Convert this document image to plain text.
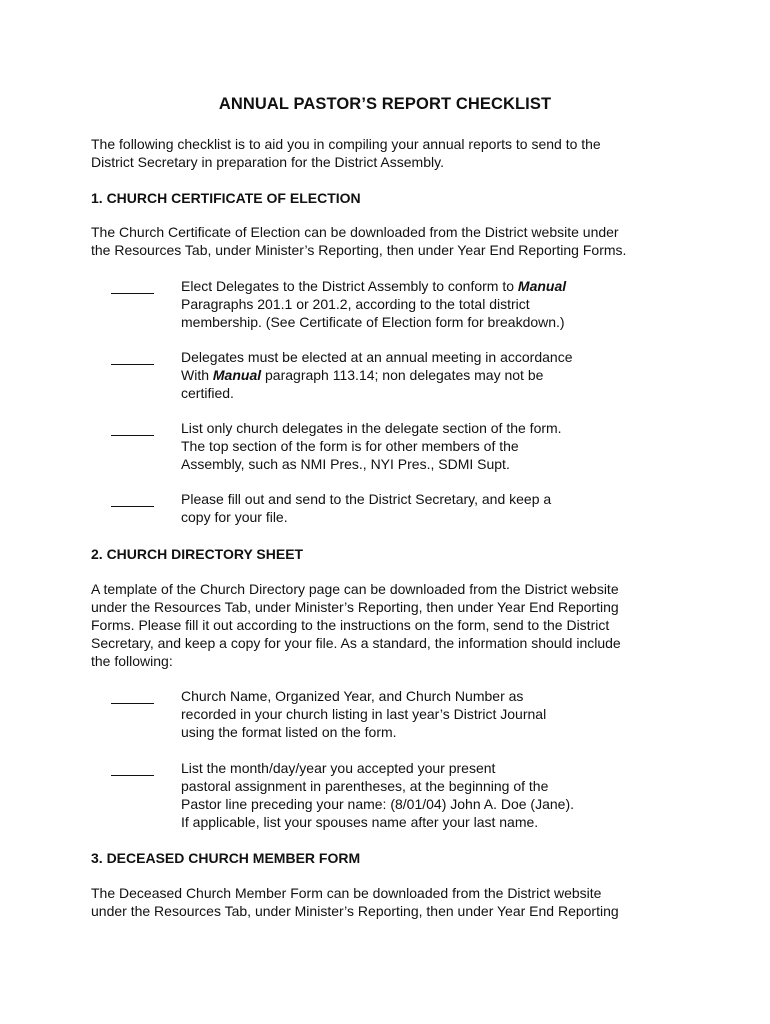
ANNUAL PASTOR’S REPORT CHECKLIST
The following checklist is to aid you in compiling your annual reports to send to the
District Secretary in preparation for the District Assembly.
1. CHURCH CERTIFICATE OF ELECTION
The Church Certificate of Election can be downloaded from the District website under
the Resources Tab, under Minister’s Reporting, then under Year End Reporting Forms.
Elect Delegates to the District Assembly to conform to Manual
Paragraphs 201.1 or 201.2, according to the total district
membership. (See Certificate of Election form for breakdown.)
Delegates must be elected at an annual meeting in accordance
With Manual paragraph 113.14; non delegates may not be
certified.
List only church delegates in the delegate section of the form.
The top section of the form is for other members of the
Assembly, such as NMI Pres., NYI Pres., SDMI Supt.
Please fill out and send to the District Secretary, and keep a
copy for your file.
2. CHURCH DIRECTORY SHEET
A template of the Church Directory page can be downloaded from the District website
under the Resources Tab, under Minister’s Reporting, then under Year End Reporting
Forms. Please fill it out according to the instructions on the form, send to the District
Secretary, and keep a copy for your file. As a standard, the information should include
the following:
Church Name, Organized Year, and Church Number as
recorded in your church listing in last year’s District Journal
using the format listed on the form.
List the month/day/year you accepted your present
pastoral assignment in parentheses, at the beginning of the
Pastor line preceding your name: (8/01/04) John A. Doe (Jane).
If applicable, list your spouses name after your last name.
3. DECEASED CHURCH MEMBER FORM
The Deceased Church Member Form can be downloaded from the District website
under the Resources Tab, under Minister’s Reporting, then under Year End Reporting
